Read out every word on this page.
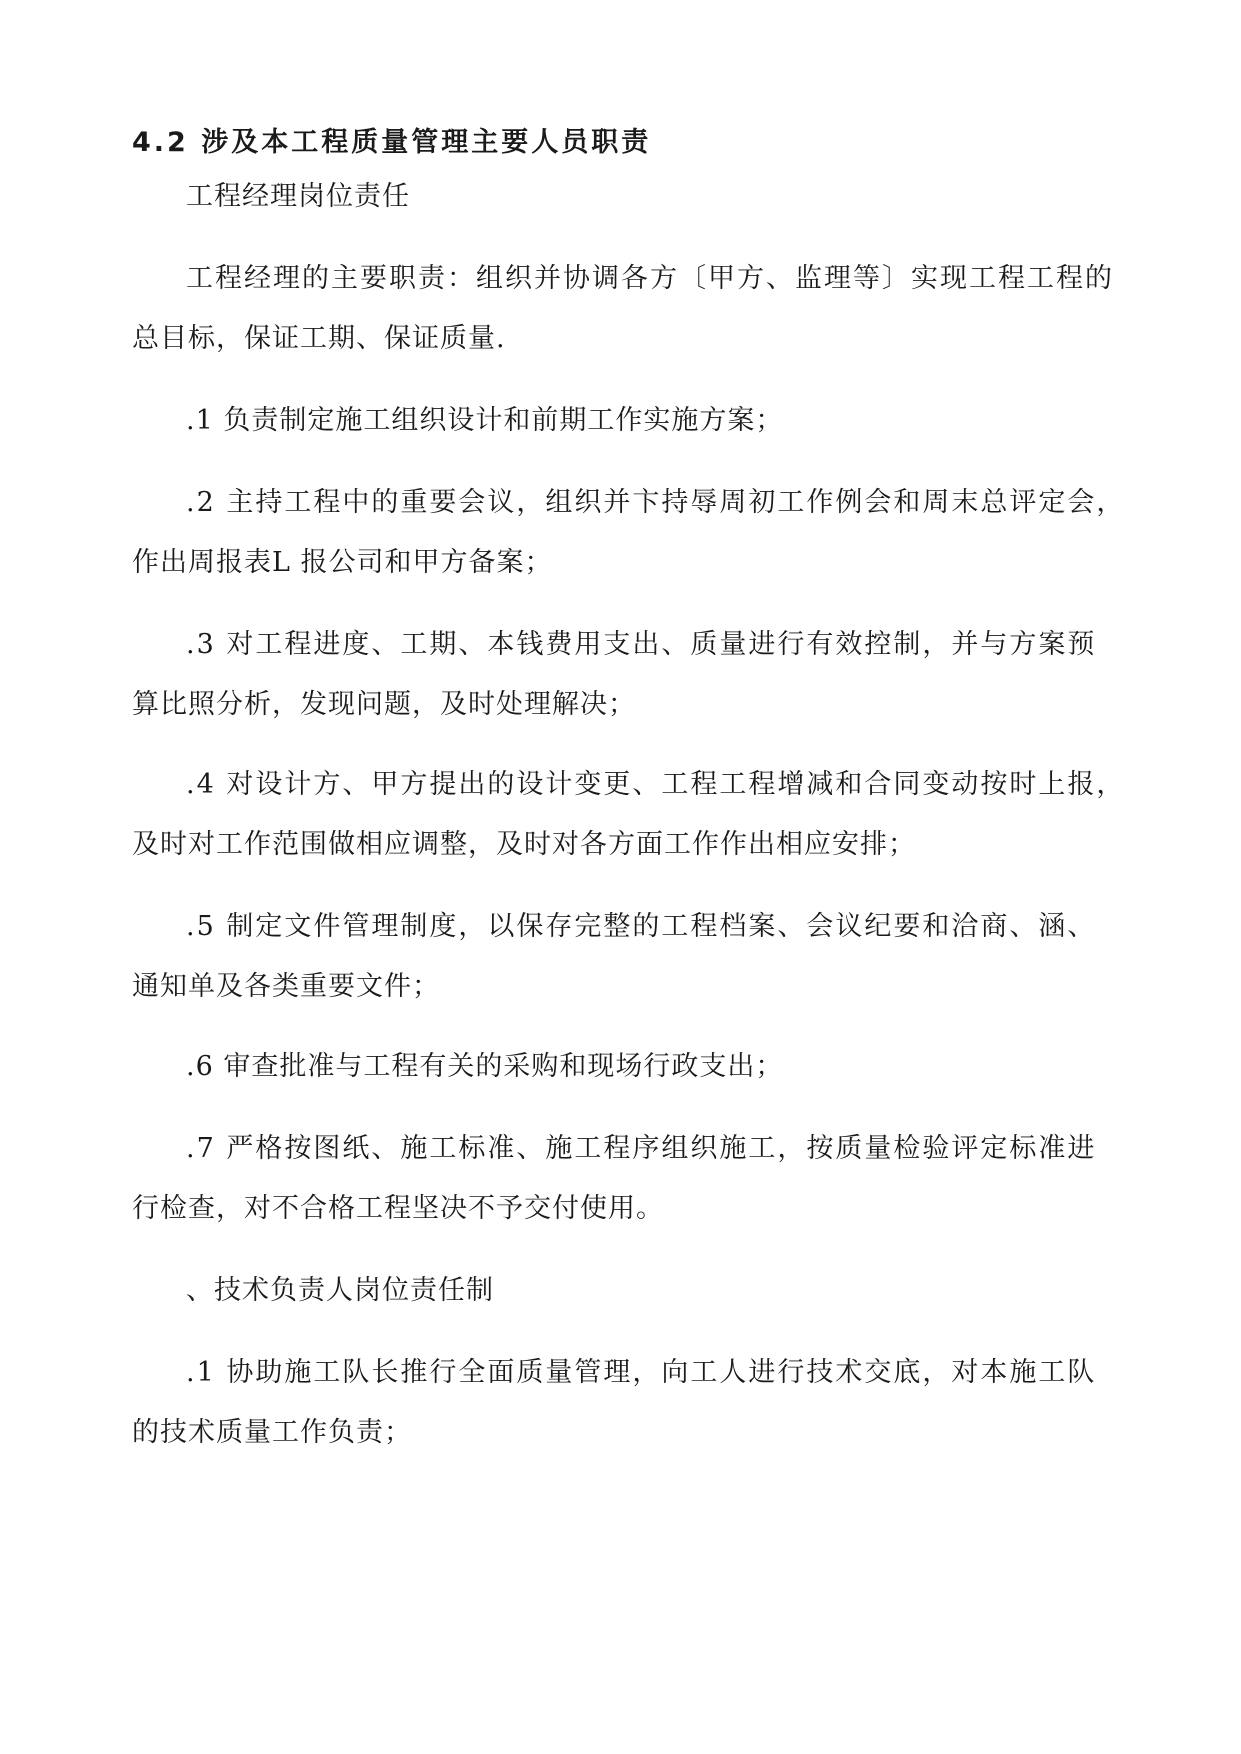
4.2 涉及本工程质量管理主要人员职责
工程经理岗位责任
工程经理的主要职责：组织并协调各方〔甲方、监理等〕实现工程工程的
总目标，保证工期、保证质量.
.1 负责制定施工组织设计和前期工作实施方案；
.2 主持工程中的重要会议，组织并卞持辱周初工作例会和周末总评定会，
作出周报表L 报公司和甲方备案；
.3 对工程进度、工期、本钱费用支出、质量进行有效控制，并与方案预
算比照分析，发现问题，及时处理解决；
.4 对设计方、甲方提出的设计变更、工程工程增减和合同变动按时上报，
及时对工作范围做相应调整，及时对各方面工作作出相应安排；
.5 制定文件管理制度，以保存完整的工程档案、会议纪要和洽商、涵、
通知单及各类重要文件；
.6 审查批准与工程有关的采购和现场行政支出；
.7 严格按图纸、施工标准、施工程序组织施工，按质量检验评定标准进
行检查，对不合格工程坚决不予交付使用。
、技术负责人岗位责任制
.1 协助施工队长推行全面质量管理，向工人进行技术交底，对本施工队
的技术质量工作负责；
